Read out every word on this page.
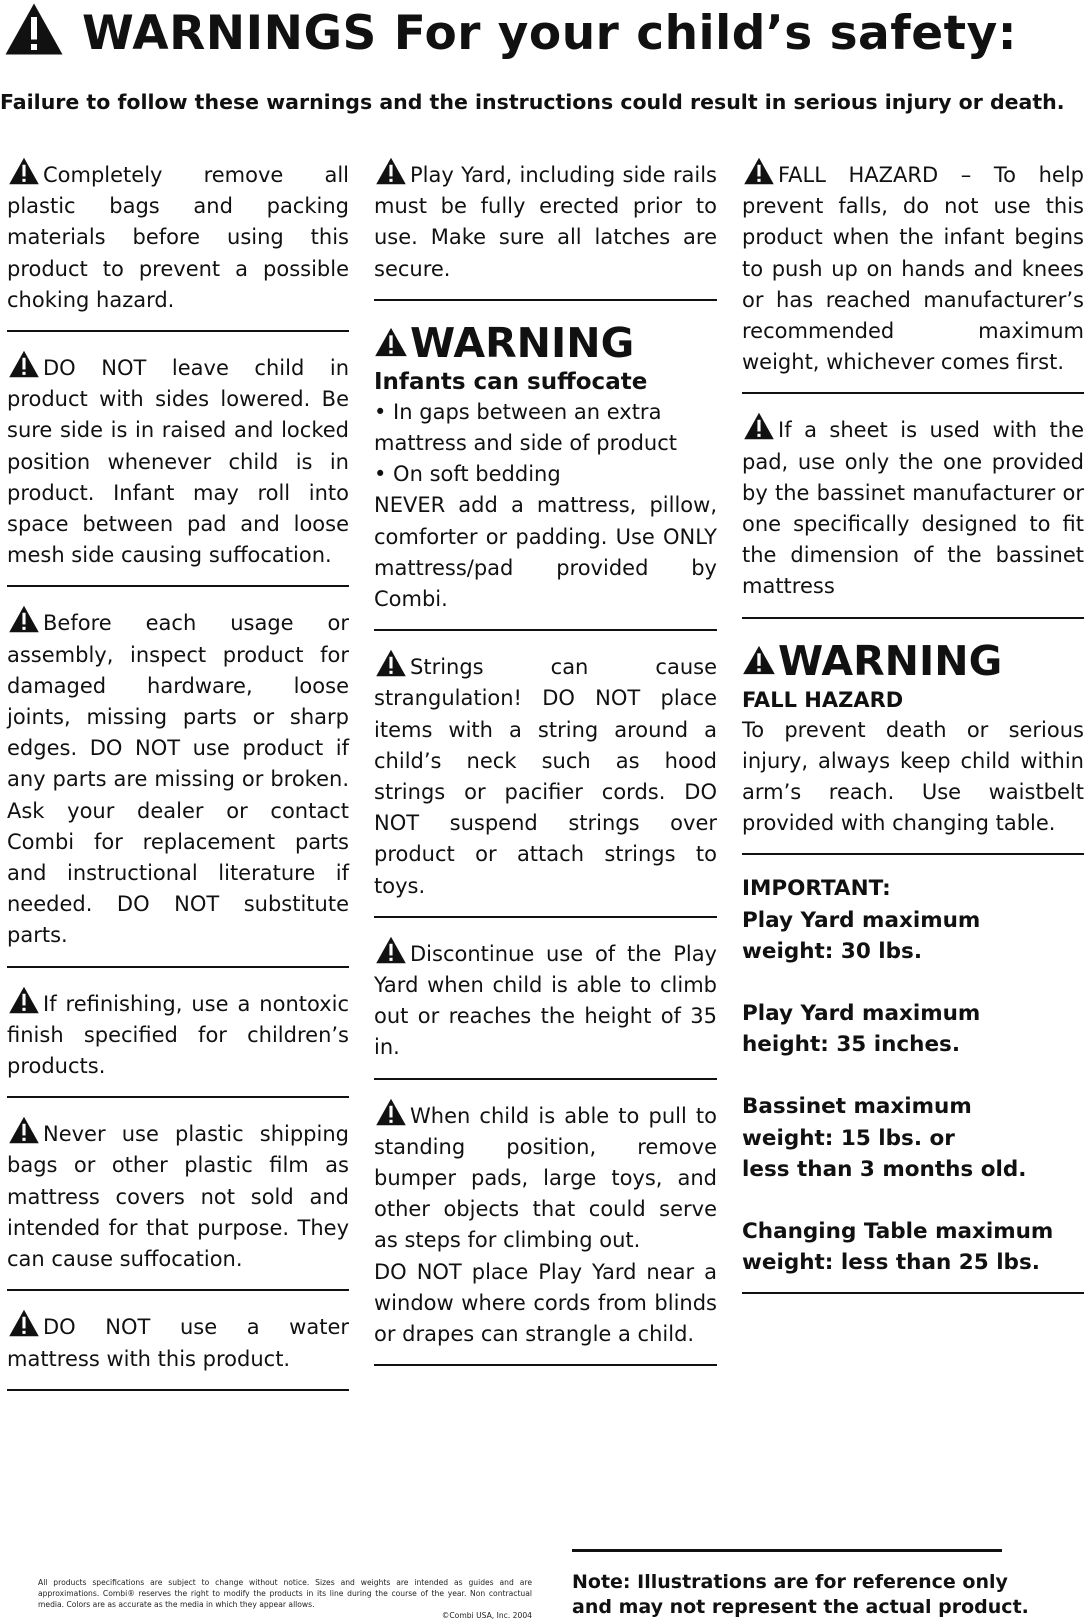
WARNINGS For your child’s safety:
Failure to follow these warnings and the instructions could result in serious injury or death.
Completely remove all plastic bags and packing materials before using this product to prevent a possible choking hazard.
DO NOT leave child in product with sides lowered. Be sure side is in raised and locked position whenever child is in product. Infant may roll into space between pad and loose mesh side causing suffocation.
Before each usage or assembly, inspect product for damaged hardware, loose joints, missing parts or sharp edges. DO NOT use product if any parts are missing or broken. Ask your dealer or contact Combi for replacement parts and instructional literature if needed. DO NOT substitute parts.
If refinishing, use a nontoxic finish specified for children’s products.
Never use plastic shipping bags or other plastic film as mattress covers not sold and intended for that purpose. They can cause suffocation.
DO NOT use a water mattress with this product.
Play Yard, including side rails must be fully erected prior to use. Make sure all latches are secure.
WARNING
Infants can suffocate
• In gaps between an extra mattress and side of product
• On soft bedding
NEVER add a mattress, pillow, comforter or padding. Use ONLY mattress/pad provided by Combi.
Strings can cause strangulation! DO NOT place items with a string around a child’s neck such as hood strings or pacifier cords. DO NOT suspend strings over product or attach strings to toys.
Discontinue use of the Play Yard when child is able to climb out or reaches the height of 35 in.
When child is able to pull to standing position, remove bumper pads, large toys, and other objects that could serve as steps for climbing out.
DO NOT place Play Yard near a window where cords from blinds or drapes can strangle a child.
FALL HAZARD – To help prevent falls, do not use this product when the infant begins to push up on hands and knees or has reached manufacturer’s recommended maximum weight, whichever comes first.
If a sheet is used with the pad, use only the one provided by the bassinet manufacturer or one specifically designed to fit the dimension of the bassinet mattress
WARNING
FALL HAZARD
To prevent death or serious injury, always keep child within arm’s reach. Use waistbelt provided with changing table.
IMPORTANT:
Play Yard maximum
weight: 30 lbs.
Play Yard maximum
height: 35 inches.
Bassinet maximum
weight: 15 lbs. or
less than 3 months old.
Changing Table maximum
weight: less than 25 lbs.
All products specifications are subject to change without notice. Sizes and weights are intended as guides and are approximations. Combi® reserves the right to modify the products in its line during the course of the year. Non contractual media. Colors are as accurate as the media in which they appear allows.
©Combi USA, Inc. 2004
Note: Illustrations are for reference only
and may not represent the actual product.
